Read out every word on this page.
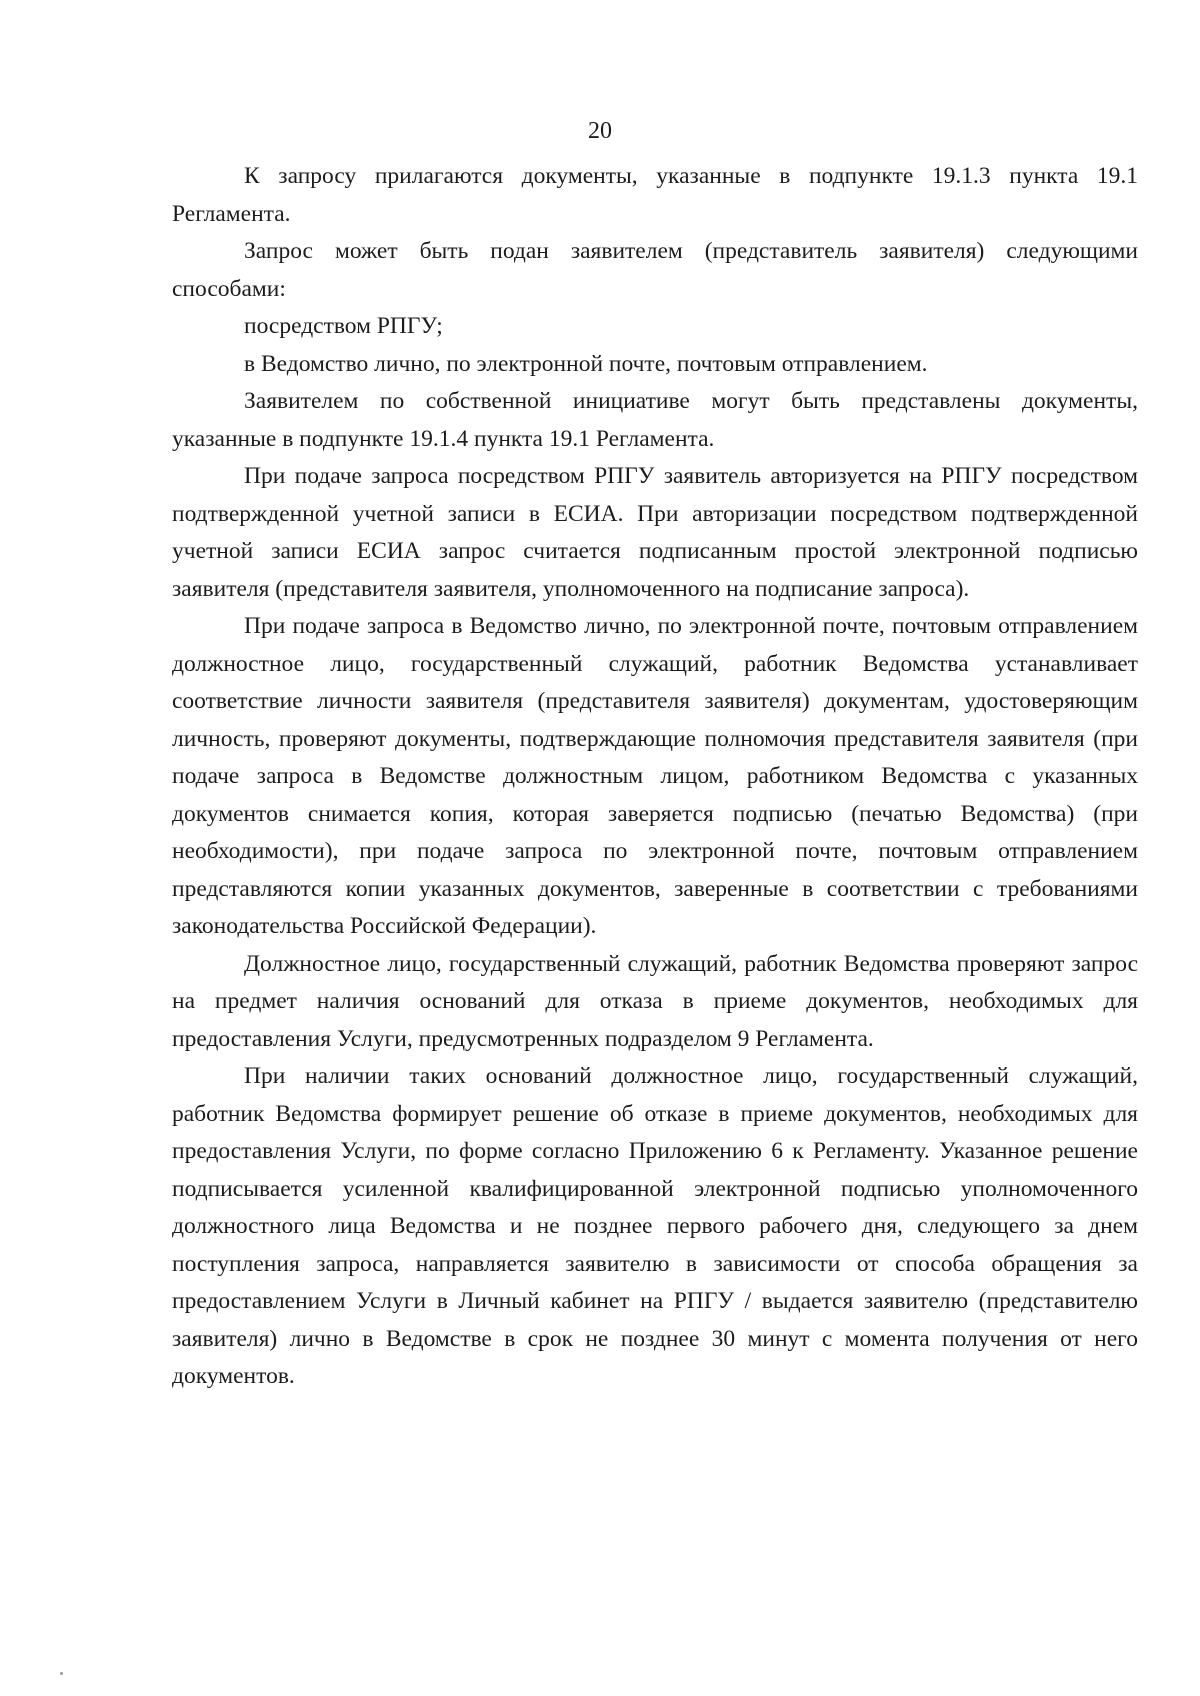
20

К запросу прилагаются документы, указанные в подпункте 19.1.3 пункта 19.1 Регламента.

Запрос может быть подан заявителем (представитель заявителя) следующими способами:

посредством РПГУ;

в Ведомство лично, по электронной почте, почтовым отправлением.

Заявителем по собственной инициативе могут быть представлены документы, указанные в подпункте 19.1.4 пункта 19.1 Регламента.

При подаче запроса посредством РПГУ заявитель авторизуется на РПГУ посредством подтвержденной учетной записи в ЕСИА. При авторизации посредством подтвержденной учетной записи ЕСИА запрос считается подписанным простой электронной подписью заявителя (представителя заявителя, уполномоченного на подписание запроса).

При подаче запроса в Ведомство лично, по электронной почте, почтовым отправлением должностное лицо, государственный служащий, работник Ведомства устанавливает соответствие личности заявителя (представителя заявителя) документам, удостоверяющим личность, проверяют документы, подтверждающие полномочия представителя заявителя (при подаче запроса в Ведомстве должностным лицом, работником Ведомства с указанных документов снимается копия, которая заверяется подписью (печатью Ведомства) (при необходимости), при подаче запроса по электронной почте, почтовым отправлением представляются копии указанных документов, заверенные в соответствии с требованиями законодательства Российской Федерации).

Должностное лицо, государственный служащий, работник Ведомства проверяют запрос на предмет наличия оснований для отказа в приеме документов, необходимых для предоставления Услуги, предусмотренных подразделом 9 Регламента.

При наличии таких оснований должностное лицо, государственный служащий, работник Ведомства формирует решение об отказе в приеме документов, необходимых для предоставления Услуги, по форме согласно Приложению 6 к Регламенту. Указанное решение подписывается усиленной квалифицированной электронной подписью уполномоченного должностного лица Ведомства и не позднее первого рабочего дня, следующего за днем поступления запроса, направляется заявителю в зависимости от способа обращения за предоставлением Услуги в Личный кабинет на РПГУ / выдается заявителю (представителю заявителя) лично в Ведомстве в срок не позднее 30 минут с момента получения от него документов.
